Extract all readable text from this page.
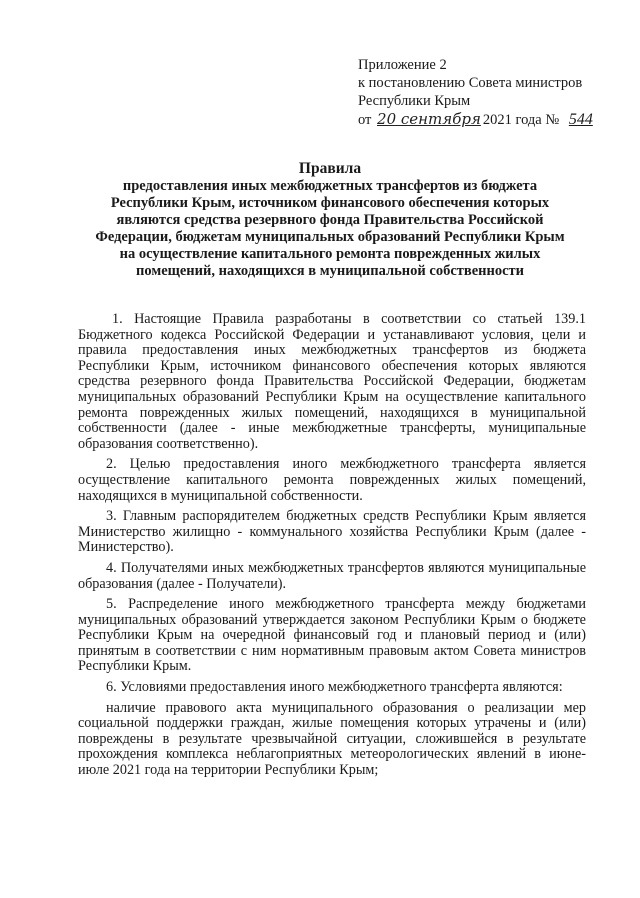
Приложение 2
к постановлению Совета министров
Республики Крым
от 20 сентября 2021 года № 544
Правила
предоставления иных межбюджетных трансфертов из бюджета
Республики Крым, источником финансового обеспечения которых
являются средства резервного фонда Правительства Российской
Федерации, бюджетам муниципальных образований Республики Крым
на осуществление капитального ремонта поврежденных жилых
помещений, находящихся в муниципальной собственности

1. Настоящие Правила разработаны в соответствии со статьей 139.1 Бюджетного кодекса Российской Федерации и устанавливают условия, цели и правила предоставления иных межбюджетных трансфертов из бюджета Республики Крым, источником финансового обеспечения которых являются средства резервного фонда Правительства Российской Федерации, бюджетам муниципальных образований Республики Крым на осуществление капитального ремонта поврежденных жилых помещений, находящихся в муниципальной собственности (далее - иные межбюджетные трансферты, муниципальные образования соответственно).

2. Целью предоставления иного межбюджетного трансферта является осуществление капитального ремонта поврежденных жилых помещений, находящихся в муниципальной собственности.

3. Главным распорядителем бюджетных средств Республики Крым является Министерство жилищно - коммунального хозяйства Республики Крым (далее - Министерство).

4. Получателями иных межбюджетных трансфертов являются муниципальные образования (далее - Получатели).

5. Распределение иного межбюджетного трансферта между бюджетами муниципальных образований утверждается законом Республики Крым о бюджете Республики Крым на очередной финансовый год и плановый период и (или) принятым в соответствии с ним нормативным правовым актом Совета министров Республики Крым.

6. Условиями предоставления иного межбюджетного трансферта являются:

наличие правового акта муниципального образования о реализации мер социальной поддержки граждан, жилые помещения которых утрачены и (или) повреждены в результате чрезвычайной ситуации, сложившейся в результате прохождения комплекса неблагоприятных метеорологических явлений в июне-июле 2021 года на территории Республики Крым;
